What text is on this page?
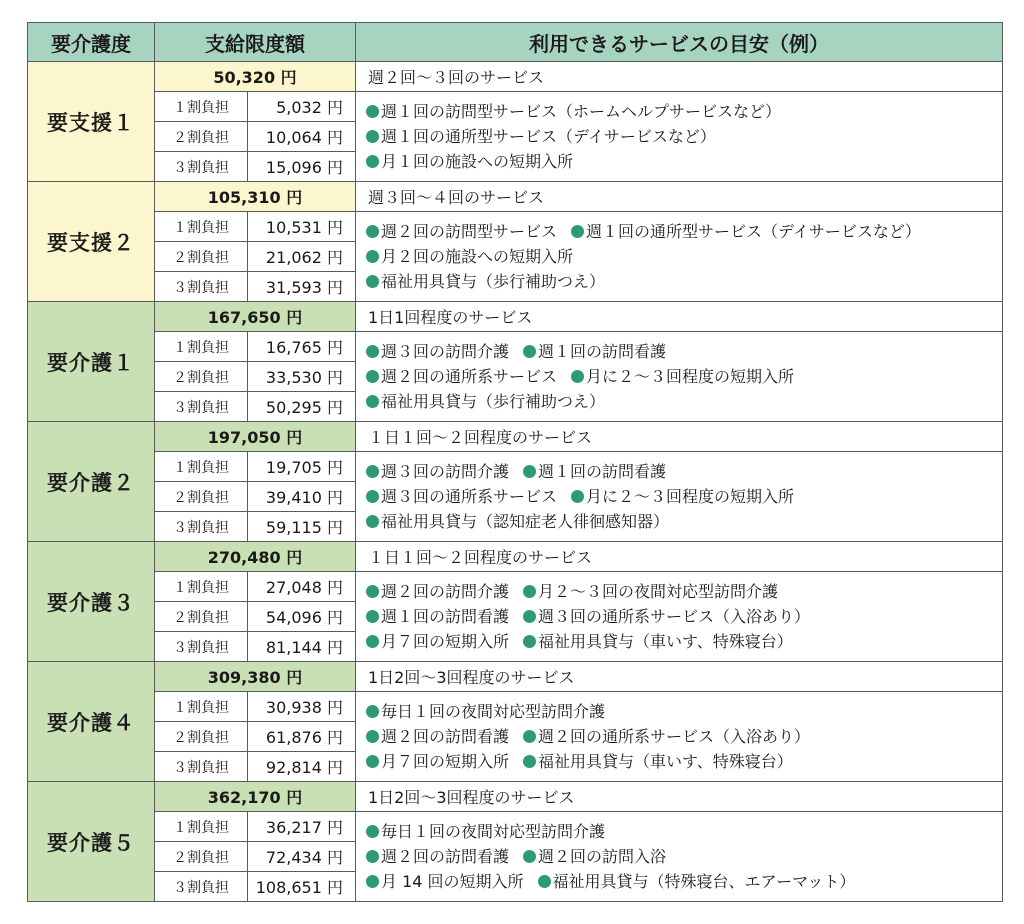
要介護度	支給限度額		利用できるサービスの目安（例）
要支援１	50,320 円		週２回〜３回のサービス
	１割負担	5,032 円	週１回の訪問型サービス（ホームヘルプサービスなど）
週１回の通所型サービス（デイサービスなど）
月１回の施設への短期入所

	２割負担	10,064 円	
	３割負担	15,096 円	
要支援２	105,310 円		週３回〜４回のサービス
	１割負担	10,531 円	週２回の訪問型サービス 週１回の通所型サービス（デイサービスなど）
月２回の施設への短期入所
福祉用具貸与（歩行補助つえ）

	２割負担	21,062 円	
	３割負担	31,593 円	
要介護１	167,650 円		1日1回程度のサービス
	１割負担	16,765 円	週３回の訪問介護 週１回の訪問看護
週２回の通所系サービス 月に２〜３回程度の短期入所
福祉用具貸与（歩行補助つえ）

	２割負担	33,530 円	
	３割負担	50,295 円	
要介護２	197,050 円		１日１回〜２回程度のサービス
	１割負担	19,705 円	週３回の訪問介護 週１回の訪問看護
週３回の通所系サービス 月に２〜３回程度の短期入所
福祉用具貸与（認知症老人徘徊感知器）

	２割負担	39,410 円	
	３割負担	59,115 円	
要介護３	270,480 円		１日１回〜２回程度のサービス
	１割負担	27,048 円	週２回の訪問介護 月２〜３回の夜間対応型訪問介護
週１回の訪問看護 週３回の通所系サービス（入浴あり）
月７回の短期入所 福祉用具貸与（車いす、特殊寝台）

	２割負担	54,096 円	
	３割負担	81,144 円	
要介護４	309,380 円		1日2回〜3回程度のサービス
	１割負担	30,938 円	毎日１回の夜間対応型訪問介護
週２回の訪問看護 週２回の通所系サービス（入浴あり）
月７回の短期入所 福祉用具貸与（車いす、特殊寝台）

	２割負担	61,876 円	
	３割負担	92,814 円	
要介護５	362,170 円		1日2回〜3回程度のサービス
	１割負担	36,217 円	毎日１回の夜間対応型訪問介護
週２回の訪問看護 週２回の訪問入浴
月 14 回の短期入所 福祉用具貸与（特殊寝台、エアーマット）

	２割負担	72,434 円	
	３割負担	108,651 円	
